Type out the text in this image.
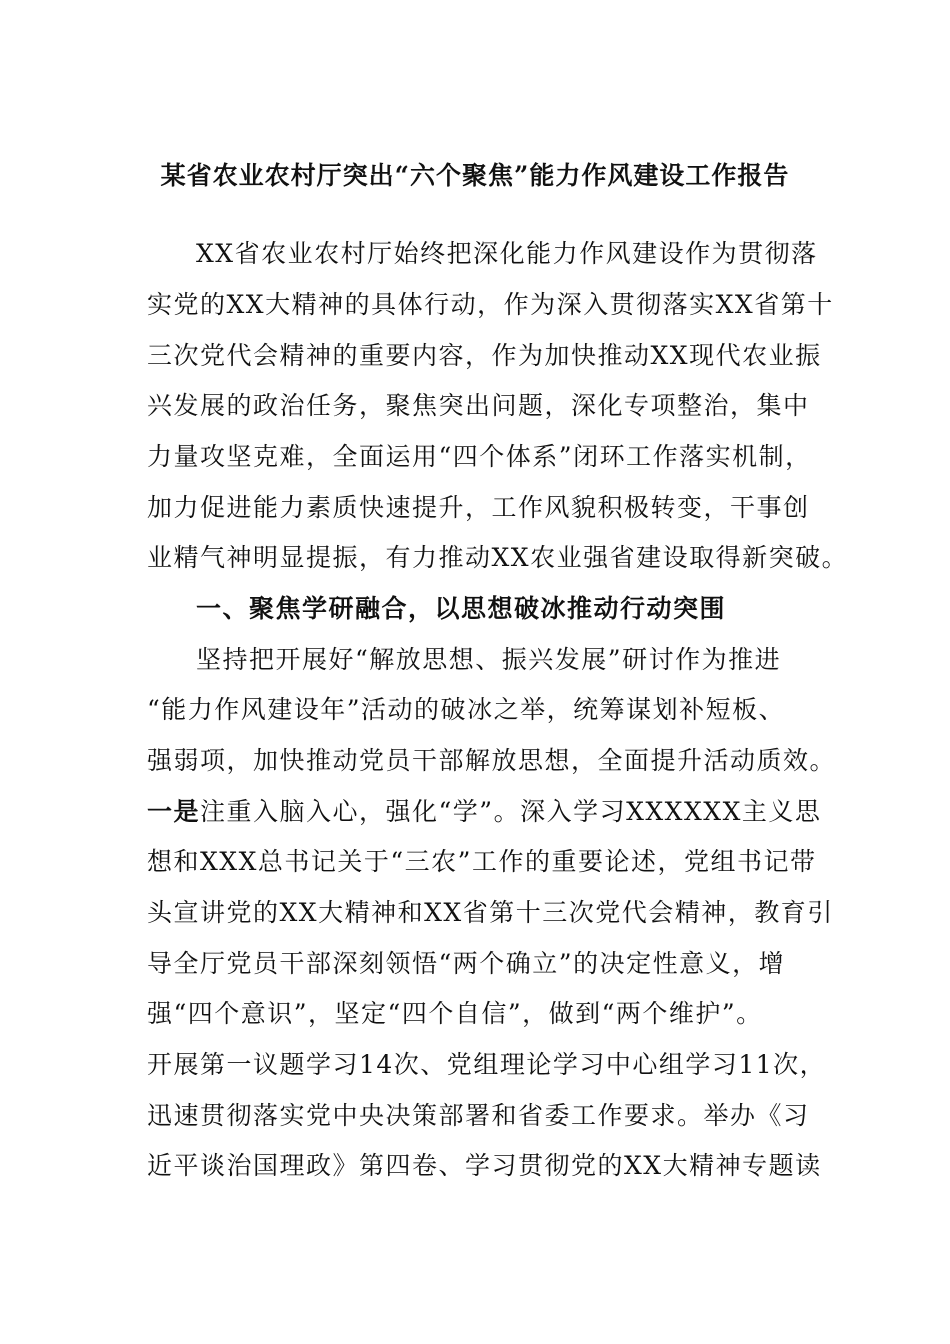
某省农业农村厅突出“六个聚焦”能力作风建设工作报告
XX省农业农村厅始终把深化能力作风建设作为贯彻落
实党的XX大精神的具体行动，作为深入贯彻落实XX省第十
三次党代会精神的重要内容，作为加快推动XX现代农业振
兴发展的政治任务，聚焦突出问题，深化专项整治，集中
力量攻坚克难，全面运用“四个体系”闭环工作落实机制，
加力促进能力素质快速提升，工作风貌积极转变，干事创
业精气神明显提振，有力推动XX农业强省建设取得新突破。
一、聚焦学研融合，以思想破冰推动行动突围
坚持把开展好“解放思想、振兴发展”研讨作为推进
“能力作风建设年”活动的破冰之举，统筹谋划补短板、
强弱项，加快推动党员干部解放思想，全面提升活动质效。
一是注重入脑入心，强化“学”。深入学习XXXXXX主义思
想和XXX总书记关于“三农”工作的重要论述，党组书记带
头宣讲党的XX大精神和XX省第十三次党代会精神，教育引
导全厅党员干部深刻领悟“两个确立”的决定性意义，增
强“四个意识”，坚定“四个自信”，做到“两个维护”。
开展第一议题学习14次、党组理论学习中心组学习11次，
迅速贯彻落实党中央决策部署和省委工作要求。举办《习
近平谈治国理政》第四卷、学习贯彻党的XX大精神专题读
